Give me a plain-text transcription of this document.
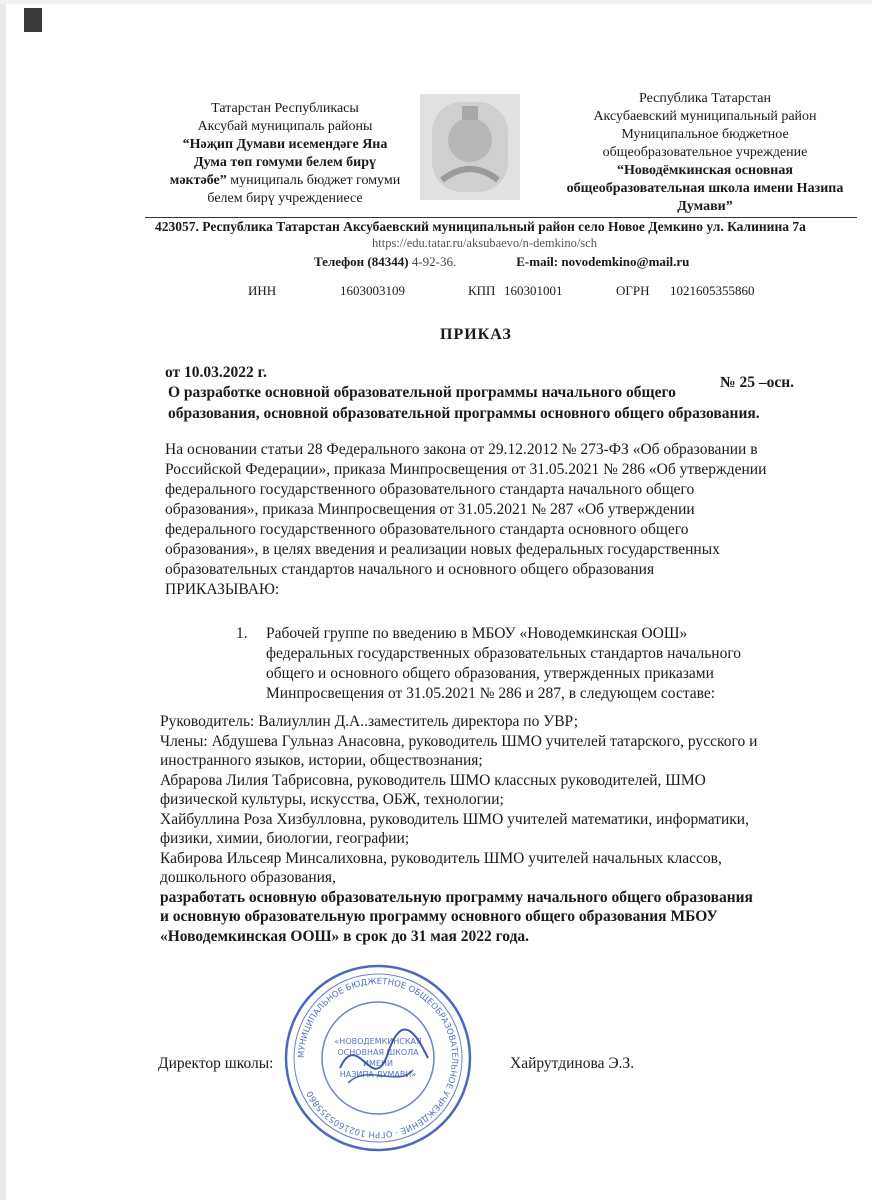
Татарстан Республикасы
Аксубай муниципаль районы
“Нәҗип Думави исемендәге Яна
Дума төп гомуми белем бирү
мәктәбе” муниципаль бюджет гомуми
белем бирү учреждениесе
Республика Татарстан
Аксубаевский муниципальный район
Муниципальное бюджетное
общеобразовательное учреждение
“Новодёмкинская основная
общеобразовательная школа имени Назипа
Думави”
423057. Республика Татарстан Аксубаевский муниципальный район село Новое Демкино ул. Калинина 7а
https://edu.tatar.ru/aksubaevo/n-demkino/sch
Телефон (84344) 4-92-36.	E-mail: novodemkino@mail.ru
ИНН	1603003109	КПП 160301001	ОГРН 1021605355860
ПРИКАЗ
от 10.03.2022 г.
№ 25 –осн.
О разработке основной образовательной программы начального общего
образования, основной образовательной программы основного общего образования.
На основании статьи 28 Федерального закона от 29.12.2012 № 273-ФЗ «Об образовании в
Российской Федерации», приказа Минпросвещения от 31.05.2021 № 286 «Об утверждении
федерального государственного образовательного стандарта начального общего
образования», приказа Минпросвещения от 31.05.2021 № 287 «Об утверждении
федерального государственного образовательного стандарта основного общего
образования», в целях введения и реализации новых федеральных государственных
образовательных стандартов начального и основного общего образования
ПРИКАЗЫВАЮ:
1. Рабочей группе по введению в МБОУ «Новодемкинская ООШ»
федеральных государственных образовательных стандартов начального
общего и основного общего образования, утвержденных приказами
Минпросвещения от 31.05.2021 № 286 и 287, в следующем составе:
Руководитель: Валиуллин Д.А..заместитель директора по УВР;
Члены: Абдушева Гульназ Анасовна, руководитель ШМО учителей татарского, русского и
иностранного языков, истории, обществознания;
Абрарова Лилия Табрисовна, руководитель ШМО классных руководителей, ШМО
физической культуры, искусства, ОБЖ, технологии;
Хайбуллина Роза Хизбулловна, руководитель ШМО учителей математики, информатики,
физики, химии, биологии, географии;
Кабирова Ильсеяр Минсалиховна, руководитель ШМО учителей начальных классов,
дошкольного образования,
разработать основную образовательную программу начального общего образования
и основную образовательную программу основного общего образования МБОУ
«Новодемкинская ООШ» в срок до 31 мая 2022 года.
МУНИЦИПАЛЬНОЕ БЮДЖЕТНОЕ ОБЩЕОБРАЗОВАТЕЛЬНОЕ УЧРЕЖДЕНИЕ · ОГРН 1021605355860
«НОВОДЕМКИНСКАЯ
ОСНОВНАЯ ШКОЛА
ИМЕНИ
НАЗИПА ДУМАВИ»
Директор школы:	Хайрутдинова Э.З.
